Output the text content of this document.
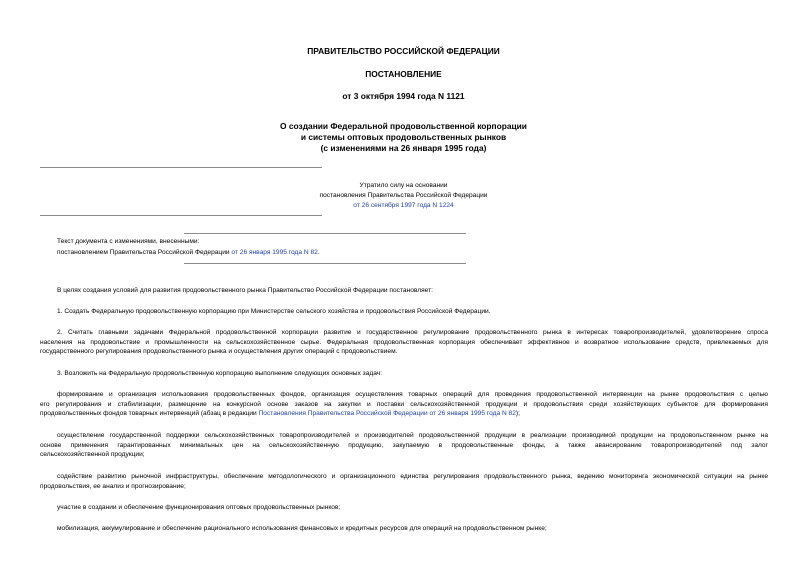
ПРАВИТЕЛЬСТВО РОССИЙСКОЙ ФЕДЕРАЦИИ
ПОСТАНОВЛЕНИЕ
от 3 октября 1994 года N 1121
О создании Федеральной продовольственной корпорации
и системы оптовых продовольственных рынков
(с изменениями на 26 января 1995 года)
Утратило силу на основании
постановления Правительства Российской Федерации
от 26 сентября 1997 года N 1224
Текст документа с изменениями, внесенными:
постановлением Правительства Российской Федерации от 26 января 1995 года N 82.
В целях создания условий для развития продовольственного рынка Правительство Российской Федерации постановляет:
1. Создать Федеральную продовольственную корпорацию при Министерстве сельского хозяйства и продовольствия Российской Федерации.
2. Считать главными задачами Федеральной продовольственной корпорации развитие и государственное регулирование продовольственного рынка в интересах товаропроизводителей, удовлетворение спроса
населения на продовольствие и промышленности на сельскохозяйственное сырье. Федеральная продовольственная корпорация обеспечивает эффективное и возвратное использование средств, привлекаемых для
государственного регулирования продовольственного рынка и осуществления других операций с продовольствием.
3. Возложить на Федеральную продовольственную корпорацию выполнение следующих основных задач:
формирование и организация использования продовольственных фондов, организация осуществления товарных операций для проведения продовольственной интервенции на рынке продовольствия с целью
его регулирования и стабилизации, размещение на конкурсной основе заказов на закупки и поставки сельскохозяйственной продукции и продовольствия среди хозяйствующих субъектов для формирования
продовольственных фондов товарных интервенций (абзац в редакции Постановления Правительства Российской Федерации от 26 января 1995 года N 82);
осуществление государственной поддержки сельскохозяйственных товаропроизводителей и производителей продовольственной продукции в реализации производимой продукции на продовольственном рынке на
основе применения гарантированных минимальных цен на сельскохозяйственную продукцию, закупаемую в продовольственные фонды, а также авансирование товаропроизводителей под залог
сельскохозяйственной продукции;
содействие развитию рыночной инфраструктуры, обеспечение методологического и организационного единства регулирования продовольственного рынка, ведению мониторинга экономической ситуации на рынке
продовольствия, ее анализ и прогнозирование;
участие в создании и обеспечение функционирования оптовых продовольственных рынков;
мобилизация, аккумулирование и обеспечение рационального использования финансовых и кредитных ресурсов для операций на продовольственном рынке;
